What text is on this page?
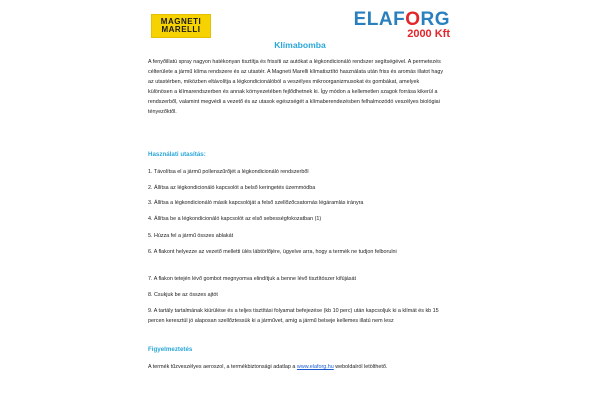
MAGNETI
MARELLI	ELAFORG
2000 Kft
Klímabomba

A fenyőillatú spray nagyon hatékonyan tisztítja és frissíti az autókat a légkondicionáló rendszer segítségével. A permetezés célterülete a jármű klíma rendszere és az utastér. A Magneti Marelli klímatisztító használata után friss és aromás illatot hagy az utastérben, miközben eltávolítja a légkondicionálóból a veszélyes mikroorganizmusokat és gombákat, amelyek különösen a klímarendszerben és annak környezetében fejlődhetnek ki. Így módon a kellemetlen szagok forrása kikerül a rendszerből, valamint megvédi a vezető és az utasok egészségét a klímaberendezésben felhalmozódó veszélyes biológiai tényezőktől.

Használati utasítás:

1. Távolítsa el a jármű pollenszűrőjét a légkondicionáló rendszerből

2. Állítsa az légkondicionáló kapcsolót a belső keringetés üzemmódba

3. Állítsa a légkondicionáló másik kapcsolóját a felső szellőzőcsatornás légáramlás irányra

4. Állítsa be a légkondicionáló kapcsolót az első sebességfokozatban (1)

5. Húzza fel a jármű összes ablakát

6. A flakont helyezze az vezető melletti ülés lábtörlőjére, ügyelve arra, hogy a termék ne tudjon felborulni

7. A flakon tetején lévő gombot megnyomva elindítjuk a benne lévő tisztítószer kifújását

8. Csukjuk be az összes ajtót

9. A tartály tartalmának kiürülése és a teljes tisztítási folyamat befejezése (kb 10 perc) után kapcsoljuk ki a klímát és kb 15 percen keresztül jó alaposan szellőztessük ki a járművet, amíg a jármű belseje kellemes illatú nem lesz

Figyelmeztetés

A termék tűzveszélyes aeroszol, a termékbiztonsági adatlap a www.elaforg.hu weboldalról letölthető.
